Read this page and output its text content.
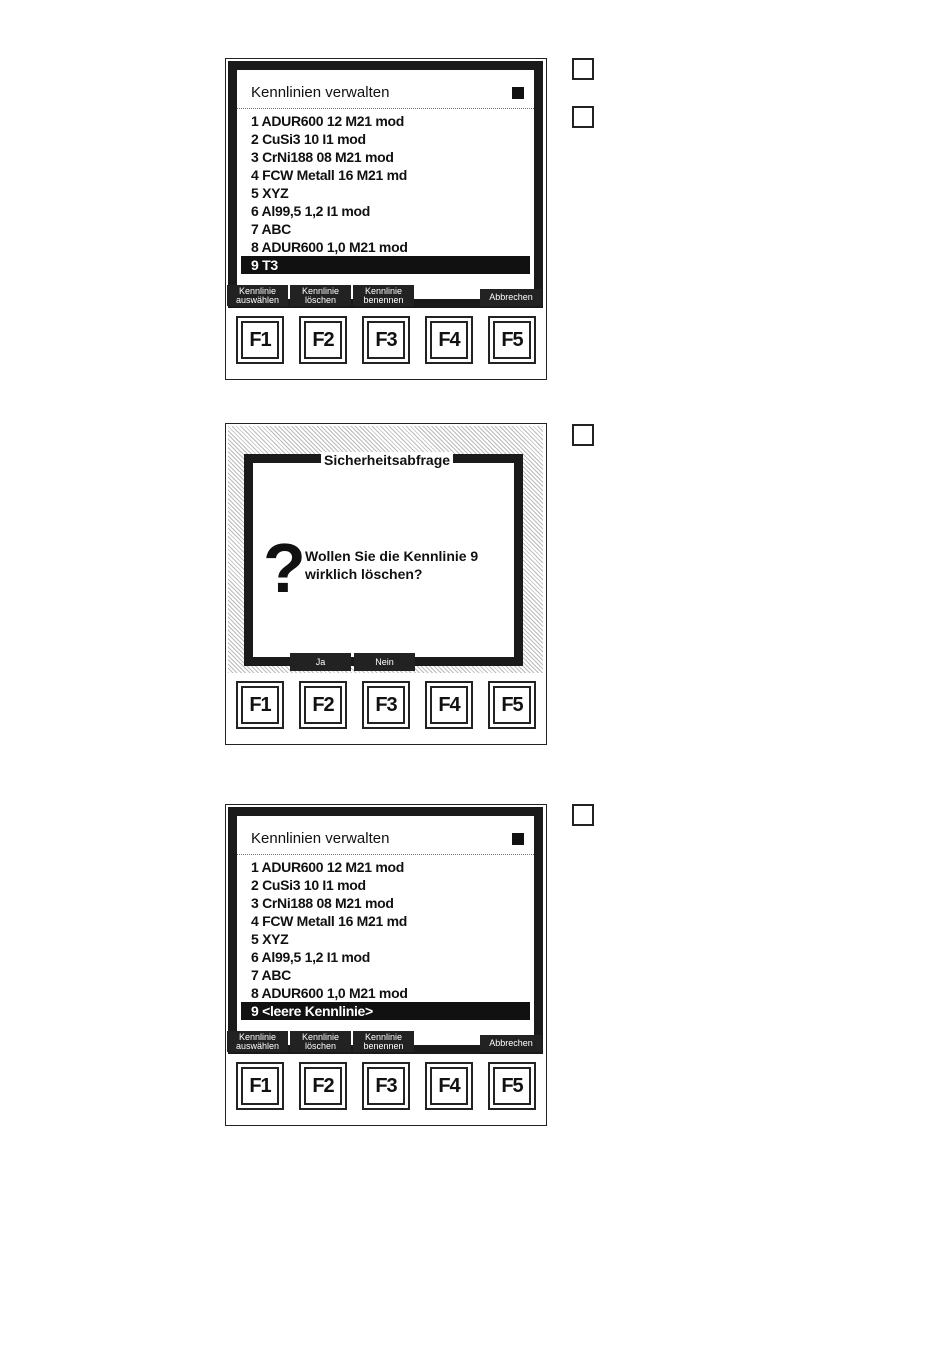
Kennlinien verwalten
1 ADUR600 12 M21 mod
2 CuSi3 10 I1 mod
3 CrNi188 08 M21 mod
4 FCW Metall 16 M21 md
5 XYZ
6 Al99,5 1,2 I1 mod
7 ABC
8 ADUR600 1,0 M21 mod
9 T3
Kennlinie
auswählen
Kennlinie
löschen
Kennlinie
benennen	Abbrechen
F1	F2	F3	F4	F5
Sicherheitsabfrage
? Wollen Sie die Kennlinie 9
wirklich löschen?
Ja	Nein
F1	F2	F3	F4	F5
Kennlinien verwalten
1 ADUR600 12 M21 mod
2 CuSi3 10 I1 mod
3 CrNi188 08 M21 mod
4 FCW Metall 16 M21 md
5 XYZ
6 Al99,5 1,2 I1 mod
7 ABC
8 ADUR600 1,0 M21 mod
9 <leere Kennlinie>
Kennlinie
auswählen
Kennlinie
löschen
Kennlinie
benennen	Abbrechen
F1	F2	F3	F4	F5
